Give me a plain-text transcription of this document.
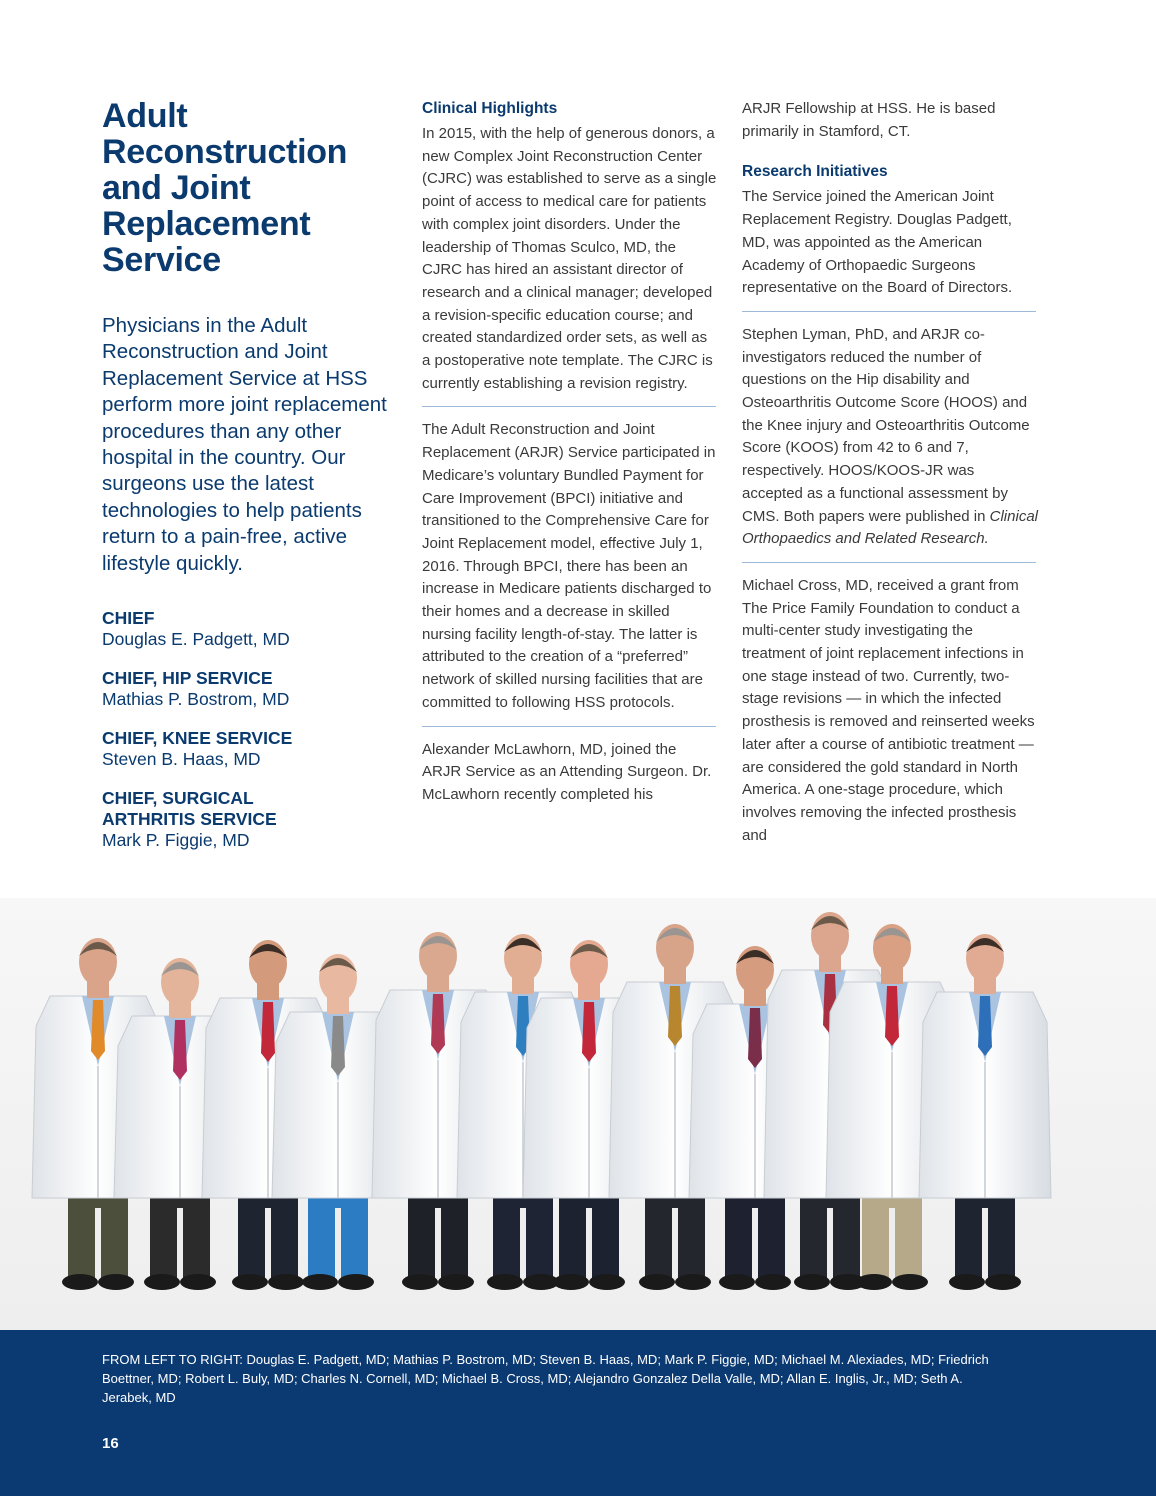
Adult Reconstruction and Joint Replacement Service

Physicians in the Adult Reconstruction and Joint Replacement Service at HSS perform more joint replacement procedures than any other hospital in the country. Our surgeons use the latest technologies to help patients return to a pain-free, active lifestyle quickly.

CHIEF
Douglas E. Padgett, MD
CHIEF, HIP SERVICE
Mathias P. Bostrom, MD
CHIEF, KNEE SERVICE
Steven B. Haas, MD
CHIEF, SURGICAL ARTHRITIS SERVICE
Mark P. Figgie, MD
Clinical Highlights

In 2015, with the help of generous donors, a new Complex Joint Reconstruction Center (CJRC) was established to serve as a single point of access to medical care for patients with complex joint disorders. Under the leadership of Thomas Sculco, MD, the CJRC has hired an assistant director of research and a clinical manager; developed a revision-specific education course; and created standardized order sets, as well as a postoperative note template. The CJRC is currently establishing a revision registry.

The Adult Reconstruction and Joint Replacement (ARJR) Service participated in Medicare’s voluntary Bundled Payment for Care Improvement (BPCI) initiative and transitioned to the Comprehensive Care for Joint Replacement model, effective July 1, 2016. Through BPCI, there has been an increase in Medicare patients discharged to their homes and a decrease in skilled nursing facility length-of-stay. The latter is attributed to the creation of a “preferred” network of skilled nursing facilities that are committed to following HSS protocols.

Alexander McLawhorn, MD, joined the ARJR Service as an Attending Surgeon. Dr. McLawhorn recently completed his

ARJR Fellowship at HSS. He is based primarily in Stamford, CT.

Research Initiatives

The Service joined the American Joint Replacement Registry. Douglas Padgett, MD, was appointed as the American Academy of Orthopaedic Surgeons representative on the Board of Directors.

Stephen Lyman, PhD, and ARJR co-investigators reduced the number of questions on the Hip disability and Osteoarthritis Outcome Score (HOOS) and the Knee injury and Osteoarthritis Outcome Score (KOOS) from 42 to 6 and 7, respectively. HOOS/KOOS-JR was accepted as a functional assessment by CMS. Both papers were published in Clinical Orthopaedics and Related Research.

Michael Cross, MD, received a grant from The Price Family Foundation to conduct a multi-center study investigating the treatment of joint replacement infections in one stage instead of two. Currently, two-stage revisions — in which the infected prosthesis is removed and reinserted weeks later after a course of antibiotic treatment — are considered the gold standard in North America. A one-stage procedure, which involves removing the infected prosthesis and

FROM LEFT TO RIGHT: Douglas E. Padgett, MD; Mathias P. Bostrom, MD; Steven B. Haas, MD; Mark P. Figgie, MD; Michael M. Alexiades, MD; Friedrich Boettner, MD; Robert L. Buly, MD; Charles N. Cornell, MD; Michael B. Cross, MD; Alejandro Gonzalez Della Valle, MD; Allan E. Inglis, Jr., MD; Seth A. Jerabek, MD

16
